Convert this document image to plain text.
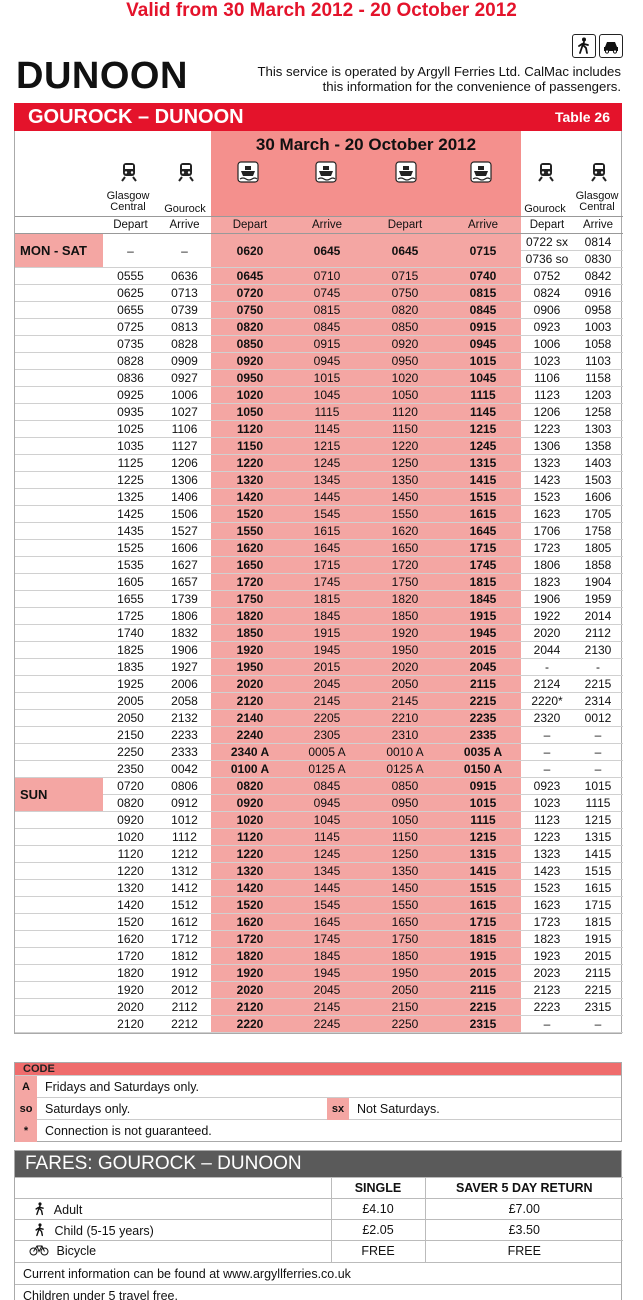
Valid from 30 March 2012 - 20 October 2012
DUNOON	This service is operated by Argyll Ferries Ltd. CalMac includes
this information for the convenience of passengers.
GOUROCK – DUNOON	Table 26
30 March - 20 October 2012
Glasgow
Central	Gourock	Gourock
Glasgow
Central
Depart	Arrive	Depart	Arrive	Depart	Arrive	Depart	Arrive
MON - SAT	–	–	0620	0645	0645	0715	0722 sx	0814
							0736 so	0830
	0555	0636	0645	0710	0715	0740	0752	0842
	0625	0713	0720	0745	0750	0815	0824	0916
	0655	0739	0750	0815	0820	0845	0906	0958
	0725	0813	0820	0845	0850	0915	0923	1003
	0735	0828	0850	0915	0920	0945	1006	1058
	0828	0909	0920	0945	0950	1015	1023	1103
	0836	0927	0950	1015	1020	1045	1106	1158
	0925	1006	1020	1045	1050	1115	1123	1203
	0935	1027	1050	1115	1120	1145	1206	1258
	1025	1106	1120	1145	1150	1215	1223	1303
	1035	1127	1150	1215	1220	1245	1306	1358
	1125	1206	1220	1245	1250	1315	1323	1403
	1225	1306	1320	1345	1350	1415	1423	1503
	1325	1406	1420	1445	1450	1515	1523	1606
	1425	1506	1520	1545	1550	1615	1623	1705
	1435	1527	1550	1615	1620	1645	1706	1758
	1525	1606	1620	1645	1650	1715	1723	1805
	1535	1627	1650	1715	1720	1745	1806	1858
	1605	1657	1720	1745	1750	1815	1823	1904
	1655	1739	1750	1815	1820	1845	1906	1959
	1725	1806	1820	1845	1850	1915	1922	2014
	1740	1832	1850	1915	1920	1945	2020	2112
	1825	1906	1920	1945	1950	2015	2044	2130
	1835	1927	1950	2015	2020	2045	-	-
	1925	2006	2020	2045	2050	2115	2124	2215
	2005	2058	2120	2145	2145	2215	2220*	2314
	2050	2132	2140	2205	2210	2235	2320	0012
	2150	2233	2240	2305	2310	2335	–	–
	2250	2333	2340 A	0005 A	0010 A	0035 A	–	–
	2350	0042	0100 A	0125 A	0125 A	0150 A	–	–
SUN	0720	0806	0820	0845	0850	0915	0923	1015
	0820	0912	0920	0945	0950	1015	1023	1115
	0920	1012	1020	1045	1050	1115	1123	1215
	1020	1112	1120	1145	1150	1215	1223	1315
	1120	1212	1220	1245	1250	1315	1323	1415
	1220	1312	1320	1345	1350	1415	1423	1515
	1320	1412	1420	1445	1450	1515	1523	1615
	1420	1512	1520	1545	1550	1615	1623	1715
	1520	1612	1620	1645	1650	1715	1723	1815
	1620	1712	1720	1745	1750	1815	1823	1915
	1720	1812	1820	1845	1850	1915	1923	2015
	1820	1912	1920	1945	1950	2015	2023	2115
	1920	2012	2020	2045	2050	2115	2123	2215
	2020	2112	2120	2145	2150	2215	2223	2315
	2120	2212	2220	2245	2250	2315	–	–
CODE
A	Fridays and Saturdays only.
so	Saturdays only.	sx	Not Saturdays.
*	Connection is not guaranteed.
FARES: GOUROCK – DUNOON
	SINGLE	SAVER 5 DAY RETURN
Adult	£4.10	£7.00
Child (5-15 years)	£2.05	£3.50
Bicycle	FREE	FREE
Current information can be found at www.argyllferries.co.uk
Children under 5 travel free.
